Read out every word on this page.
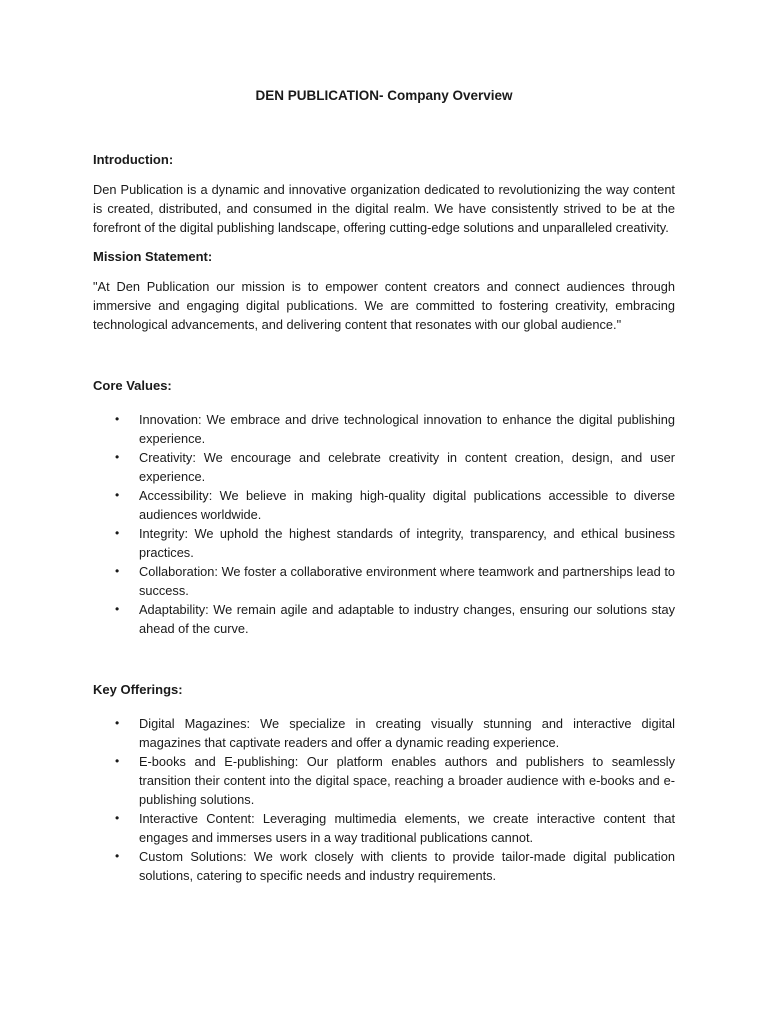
DEN PUBLICATION- Company Overview
Introduction:

Den Publication is a dynamic and innovative organization dedicated to revolutionizing the way content is created, distributed, and consumed in the digital realm. We have consistently strived to be at the forefront of the digital publishing landscape, offering cutting-edge solutions and unparalleled creativity.

Mission Statement:

"At Den Publication our mission is to empower content creators and connect audiences through immersive and engaging digital publications. We are committed to fostering creativity, embracing technological advancements, and delivering content that resonates with our global audience."

Core Values:
• Innovation: We embrace and drive technological innovation to enhance the digital publishing experience.
• Creativity: We encourage and celebrate creativity in content creation, design, and user experience.
• Accessibility: We believe in making high-quality digital publications accessible to diverse audiences worldwide.
• Integrity: We uphold the highest standards of integrity, transparency, and ethical business practices.
• Collaboration: We foster a collaborative environment where teamwork and partnerships lead to success.
• Adaptability: We remain agile and adaptable to industry changes, ensuring our solutions stay ahead of the curve.
Key Offerings:
• Digital Magazines: We specialize in creating visually stunning and interactive digital magazines that captivate readers and offer a dynamic reading experience.
• E-books and E-publishing: Our platform enables authors and publishers to seamlessly transition their content into the digital space, reaching a broader audience with e-books and e-publishing solutions.
• Interactive Content: Leveraging multimedia elements, we create interactive content that engages and immerses users in a way traditional publications cannot.
• Custom Solutions: We work closely with clients to provide tailor-made digital publication solutions, catering to specific needs and industry requirements.
